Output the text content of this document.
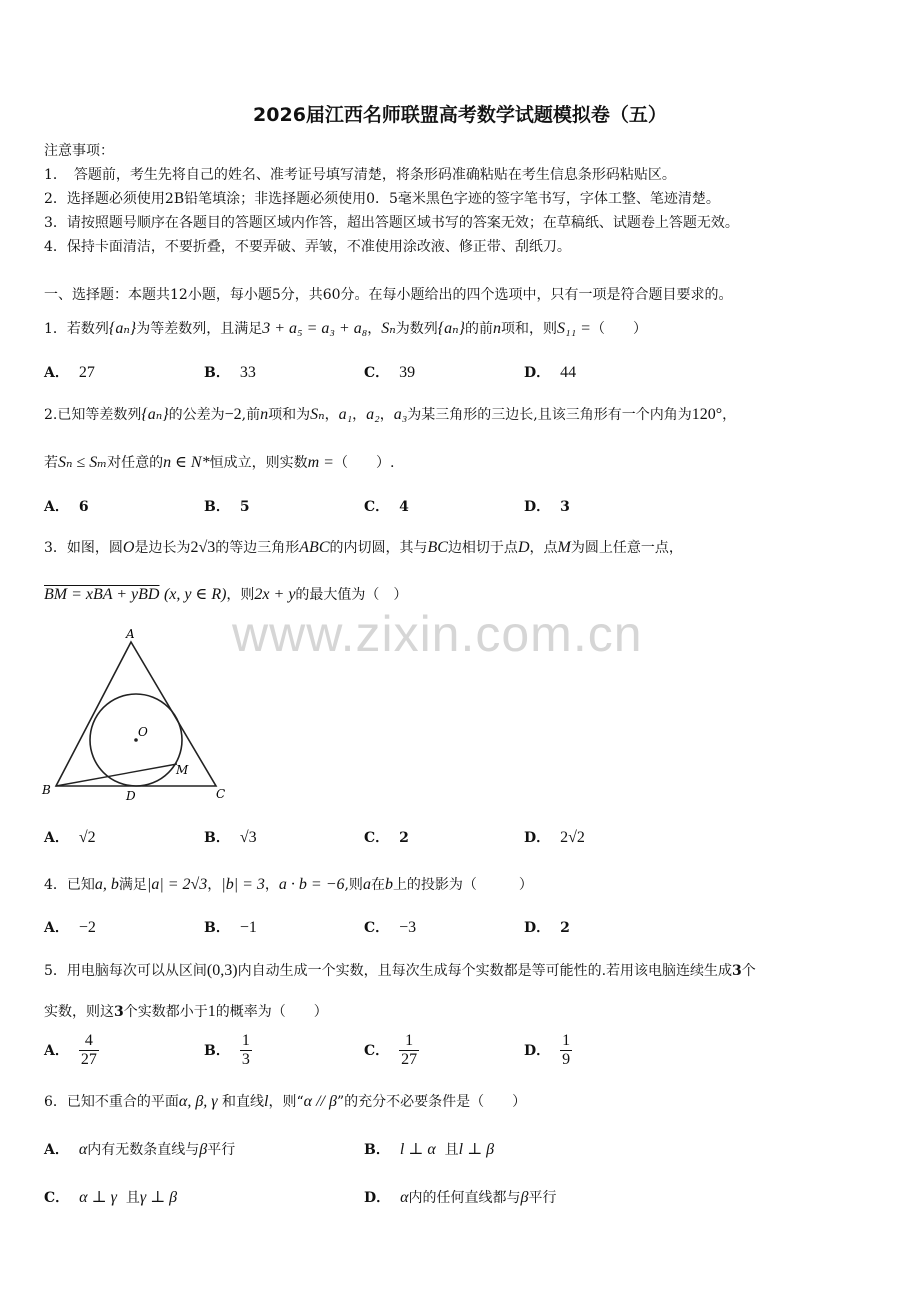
2026届江西名师联盟高考数学试题模拟卷（五）
注意事项：
1．　答题前，考生先将自己的姓名、准考证号填写清楚，将条形码准确粘贴在考生信息条形码粘贴区。
2．选择题必须使用2B铅笔填涂；非选择题必须使用0．5毫米黑色字迹的签字笔书写，字体工整、笔迹清楚。
3．请按照题号顺序在各题目的答题区域内作答，超出答题区域书写的答案无效；在草稿纸、试题卷上答题无效。
4．保持卡面清洁，不要折叠，不要弄破、弄皱，不准使用涂改液、修正带、刮纸刀。
一、选择题：本题共12小题，每小题5分，共60分。在每小题给出的四个选项中，只有一项是符合题目要求的。
1．若数列{aₙ}为等差数列，且满足3 + a₅ = a₃ + a₈，Sₙ为数列{aₙ}的前n项和，则S₁₁ =（　　）
A． 27	B． 33	C． 39	D． 44
2.已知等差数列{aₙ}的公差为−2,前n项和为Sₙ，a₁，a₂，a₃为某三角形的三边长,且该三角形有一个内角为120°，
若Sₙ ≤ Sₘ对任意的n ∈ N*恒成立，则实数m =（　　）.
A． 6	B． 5	C． 4	D． 3
3．如图，圆O是边长为2√3的等边三角形ABC的内切圆，其与BC边相切于点D，点M为圆上任意一点，
BM = xBA + yBD (x, y ∈ R)，则2x + y的最大值为（　）
A
B	C
D
O
M
www.zixin.com.cn
A． √2	B． √3	C． 2	D． 2√2
4．已知a, b满足|a| = 2√3，|b| = 3，a · b = −6,则a在b上的投影为（　　　）
A． −2	B． −1	C． −3	D． 2
5．用电脑每次可以从区间(0,3)内自动生成一个实数，且每次生成每个实数都是等可能性的.若用该电脑连续生成3个
实数，则这3个实数都小于1的概率为（　　）
A． $\frac{4}{27}$	B． $\frac{1}{3}$	C． $\frac{1}{27}$	D． $\frac{1}{9}$
6．已知不重合的平面α, β, γ 和直线l，则“α // β”的充分不必要条件是（　　）
A． α内有无数条直线与β平行	B． l ⊥ α 且l ⊥ β
C． α ⊥ γ 且γ ⊥ β	D． α内的任何直线都与β平行
